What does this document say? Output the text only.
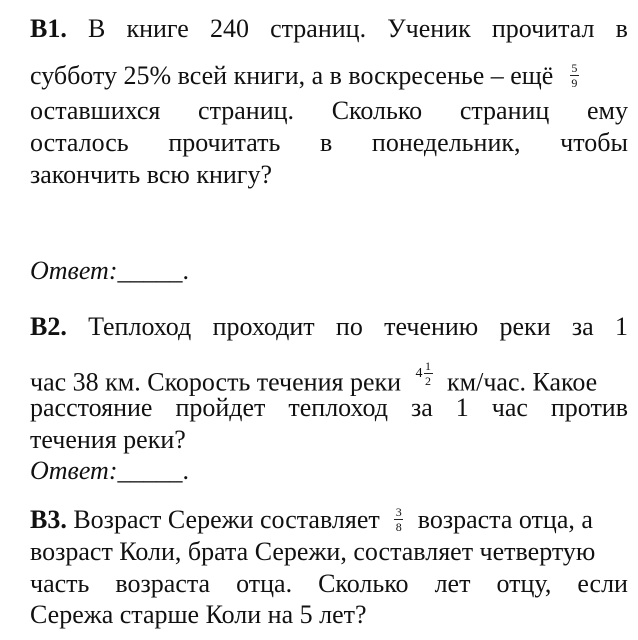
В1. В книге 240 страниц. Ученик прочитал в
субботу 25% всей книги, а в воскресенье – ещё $\frac{5}{9}$
оставшихся страниц. Сколько страниц ему
осталось прочитать в понедельник, чтобы
закончить всю книгу?
Ответ:_____.
В2. Теплоход проходит по течению реки за 1
час 38 км. Скорость течения реки $4 \frac{1}{2} км/час$. Какое
расстояние пройдет теплоход за 1 час против
течения реки?
Ответ:_____.
В3. Возраст Сережи составляет $\frac{3}{8}$ возраста отца, а
возраст Коли, брата Сережи, составляет четвертую
часть возраста отца. Сколько лет отцу, если
Сережа старше Коли на 5 лет?
